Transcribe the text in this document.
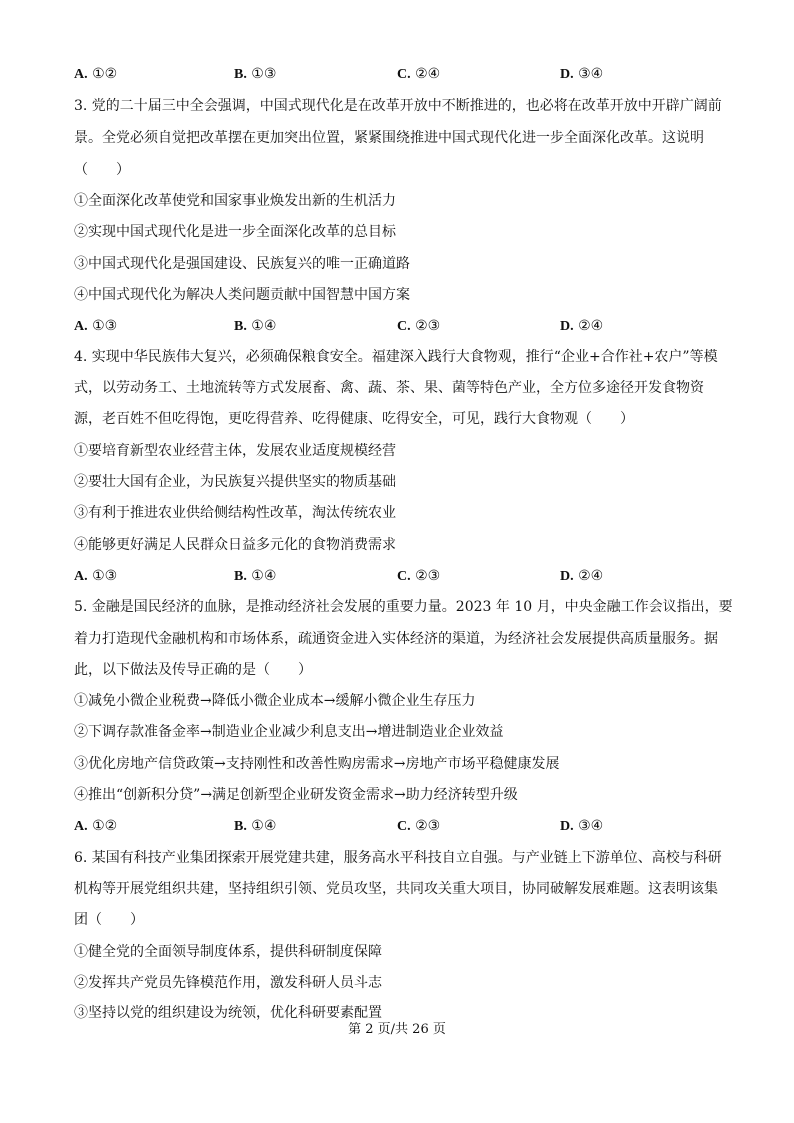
A. ①②	B. ①③	C. ②④	D. ③④
3. 党的二十届三中全会强调，中国式现代化是在改革开放中不断推进的，也必将在改革开放中开辟广阔前
景。全党必须自觉把改革摆在更加突出位置，紧紧围绕推进中国式现代化进一步全面深化改革。这说明
（　　）
①全面深化改革使党和国家事业焕发出新的生机活力
②实现中国式现代化是进一步全面深化改革的总目标
③中国式现代化是强国建设、民族复兴的唯一正确道路
④中国式现代化为解决人类问题贡献中国智慧中国方案
A. ①③	B. ①④	C. ②③	D. ②④
4. 实现中华民族伟大复兴，必须确保粮食安全。福建深入践行大食物观，推行“企业+合作社+农户”等模
式，以劳动务工、土地流转等方式发展畜、禽、蔬、茶、果、菌等特色产业，全方位多途径开发食物资
源，老百姓不但吃得饱，更吃得营养、吃得健康、吃得安全，可见，践行大食物观（　　）
①要培育新型农业经营主体，发展农业适度规模经营
②要壮大国有企业，为民族复兴提供坚实的物质基础
③有利于推进农业供给侧结构性改革，淘汰传统农业
④能够更好满足人民群众日益多元化的食物消费需求
A. ①③	B. ①④	C. ②③	D. ②④
5. 金融是国民经济的血脉，是推动经济社会发展的重要力量。2023 年 10 月，中央金融工作会议指出，要
着力打造现代金融机构和市场体系，疏通资金进入实体经济的渠道，为经济社会发展提供高质量服务。据
此，以下做法及传导正确的是（　　）
①减免小微企业税费→降低小微企业成本→缓解小微企业生存压力
②下调存款准备金率→制造业企业减少利息支出→增进制造业企业效益
③优化房地产信贷政策→支持刚性和改善性购房需求→房地产市场平稳健康发展
④推出“创新积分贷”→满足创新型企业研发资金需求→助力经济转型升级
A. ①②	B. ①④	C. ②③	D. ③④
6. 某国有科技产业集团探索开展党建共建，服务高水平科技自立自强。与产业链上下游单位、高校与科研
机构等开展党组织共建，坚持组织引领、党员攻坚，共同攻关重大项目，协同破解发展难题。这表明该集
团（　　）
①健全党的全面领导制度体系，提供科研制度保障
②发挥共产党员先锋模范作用，激发科研人员斗志
③坚持以党的组织建设为统领，优化科研要素配置
第 2 页/共 26 页
